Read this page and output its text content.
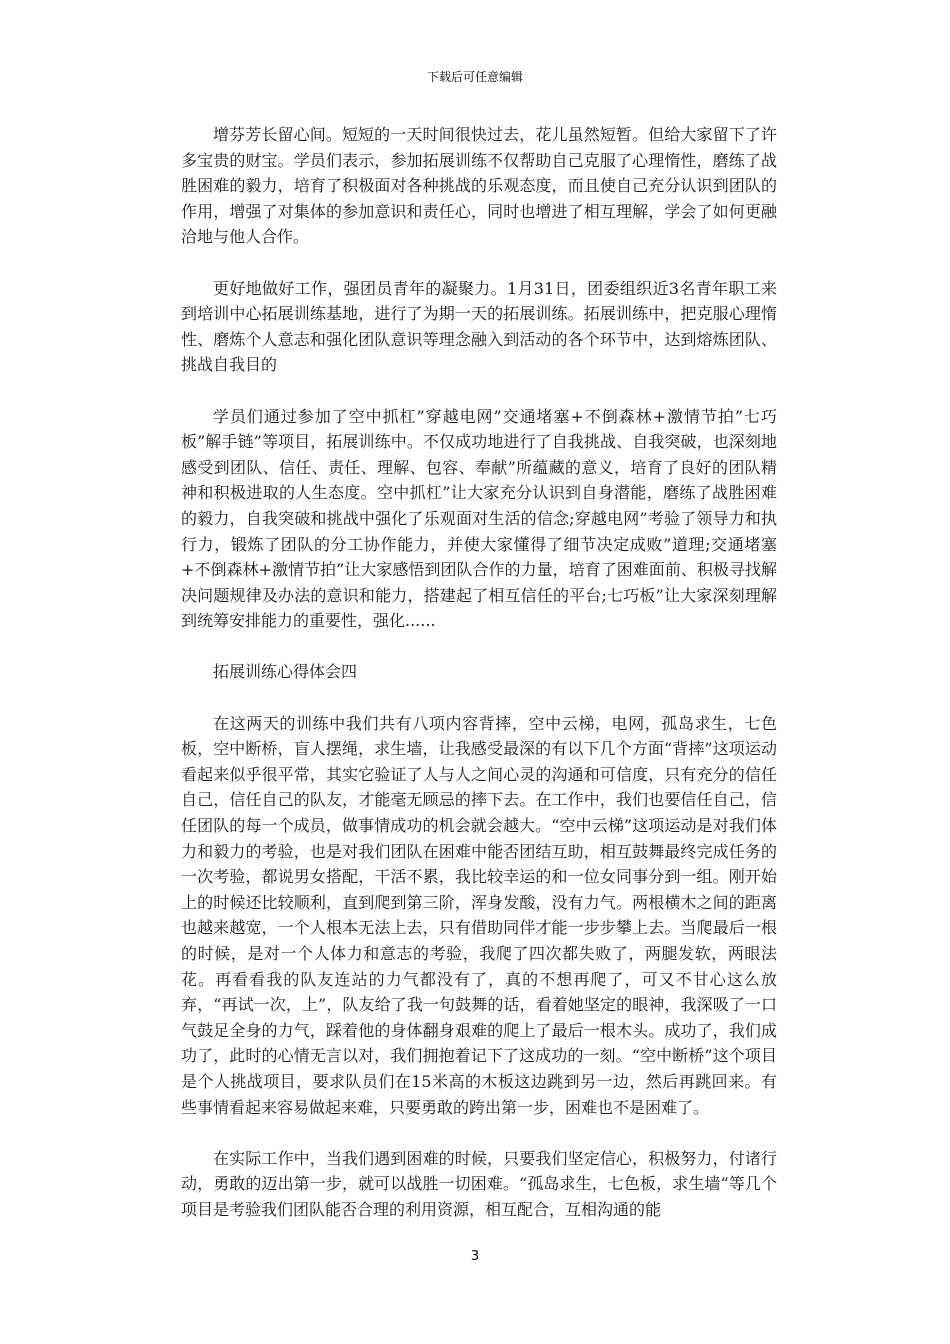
下载后可任意编辑

增芬芳长留心间。短短的一天时间很快过去，花儿虽然短暂。但给大家留下了许多宝贵的财宝。学员们表示，参加拓展训练不仅帮助自己克服了心理惰性，磨练了战胜困难的毅力，培育了积极面对各种挑战的乐观态度，而且使自己充分认识到团队的作用，增强了对集体的参加意识和责任心，同时也增进了相互理解，学会了如何更融洽地与他人合作。

更好地做好工作，强团员青年的凝聚力。1月31日，团委组织近3名青年职工来到培训中心拓展训练基地，进行了为期一天的拓展训练。拓展训练中，把克服心理惰性、磨炼个人意志和强化团队意识等理念融入到活动的各个环节中，达到熔炼团队、挑战自我目的

学员们通过参加了空中抓杠”穿越电网”交通堵塞+不倒森林+激情节拍”七巧板”解手链”等项目，拓展训练中。不仅成功地进行了自我挑战、自我突破，也深刻地感受到团队、信任、责任、理解、包容、奉献”所蕴藏的意义，培育了良好的团队精神和积极进取的人生态度。空中抓杠”让大家充分认识到自身潜能，磨练了战胜困难的毅力，自我突破和挑战中强化了乐观面对生活的信念;穿越电网”考验了领导力和执行力，锻炼了团队的分工协作能力，并使大家懂得了细节决定成败”道理;交通堵塞+不倒森林+激情节拍”让大家感悟到团队合作的力量，培育了困难面前、积极寻找解决问题规律及办法的意识和能力，搭建起了相互信任的平台;七巧板”让大家深刻理解到统筹安排能力的重要性，强化......

拓展训练心得体会四

在这两天的训练中我们共有八项内容背摔，空中云梯，电网，孤岛求生，七色板，空中断桥，盲人摆绳，求生墙，让我感受最深的有以下几个方面“背摔”这项运动看起来似乎很平常，其实它验证了人与人之间心灵的沟通和可信度，只有充分的信任自己，信任自己的队友，才能毫无顾忌的摔下去。在工作中，我们也要信任自己，信任团队的每一个成员，做事情成功的机会就会越大。“空中云梯”这项运动是对我们体力和毅力的考验，也是对我们团队在困难中能否团结互助，相互鼓舞最终完成任务的一次考验，都说男女搭配，干活不累，我比较幸运的和一位女同事分到一组。刚开始上的时候还比较顺利，直到爬到第三阶，浑身发酸，没有力气。两根横木之间的距离也越来越宽，一个人根本无法上去，只有借助同伴才能一步步攀上去。当爬最后一根的时候，是对一个人体力和意志的考验，我爬了四次都失败了，两腿发软，两眼法花。再看看我的队友连站的力气都没有了，真的不想再爬了，可又不甘心这么放弃，“再试一次，上”，队友给了我一句鼓舞的话，看着她坚定的眼神，我深吸了一口气鼓足全身的力气，踩着他的身体翻身艰难的爬上了最后一根木头。成功了，我们成功了，此时的心情无言以对，我们拥抱着记下了这成功的一刻。“空中断桥”这个项目是个人挑战项目，要求队员们在15米高的木板这边跳到另一边，然后再跳回来。有些事情看起来容易做起来难，只要勇敢的跨出第一步，困难也不是困难了。

在实际工作中，当我们遇到困难的时候，只要我们坚定信心，积极努力，付诸行动，勇敢的迈出第一步，就可以战胜一切困难。“孤岛求生，七色板，求生墙“等几个项目是考验我们团队能否合理的利用资源，相互配合，互相沟通的能

3
